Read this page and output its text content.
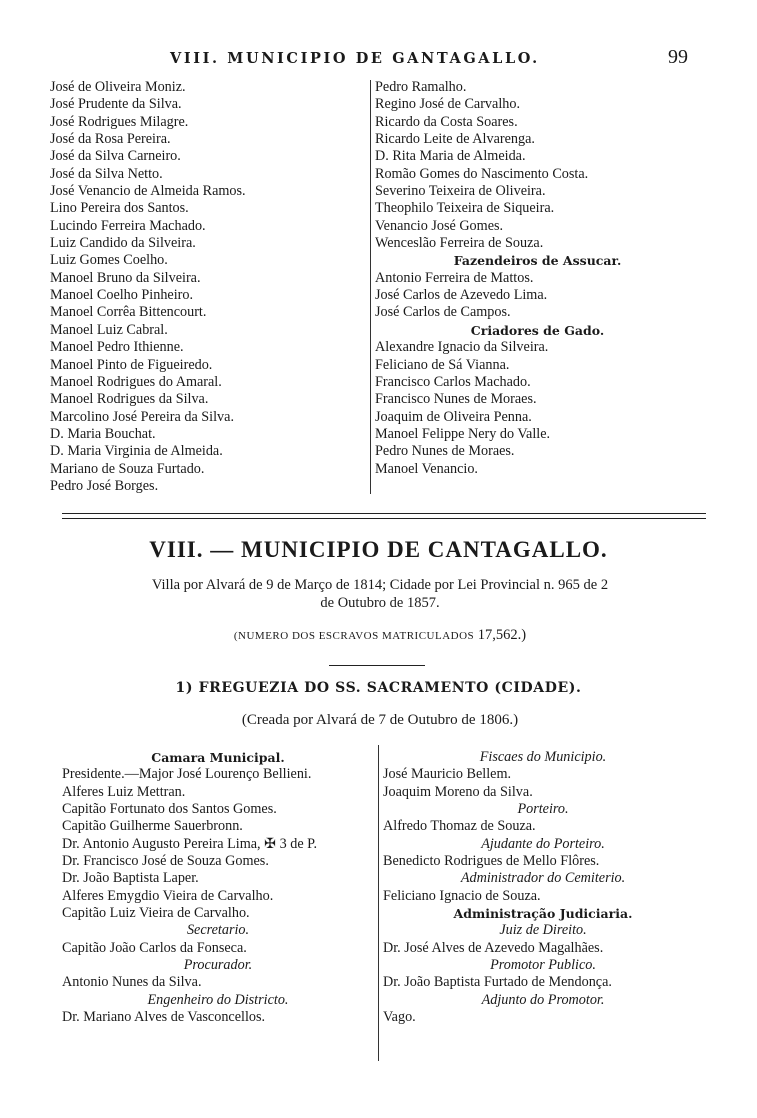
VIII. MUNICIPIO DE GANTAGALLO.	99
José de Oliveira Moniz.
José Prudente da Silva.
José Rodrigues Milagre.
José da Rosa Pereira.
José da Silva Carneiro.
José da Silva Netto.
José Venancio de Almeida Ramos.
Lino Pereira dos Santos.
Lucindo Ferreira Machado.
Luiz Candido da Silveira.
Luiz Gomes Coelho.
Manoel Bruno da Silveira.
Manoel Coelho Pinheiro.
Manoel Corrêa Bittencourt.
Manoel Luiz Cabral.
Manoel Pedro Ithienne.
Manoel Pinto de Figueiredo.
Manoel Rodrigues do Amaral.
Manoel Rodrigues da Silva.
Marcolino José Pereira da Silva.
D. Maria Bouchat.
D. Maria Virginia de Almeida.
Mariano de Souza Furtado.
Pedro José Borges.
Pedro Ramalho.
Regino José de Carvalho.
Ricardo da Costa Soares.
Ricardo Leite de Alvarenga.
D. Rita Maria de Almeida.
Romão Gomes do Nascimento Costa.
Severino Teixeira de Oliveira.
Theophilo Teixeira de Siqueira.
Venancio José Gomes.
Wenceslão Ferreira de Souza.
Fazendeiros de Assucar.
Antonio Ferreira de Mattos.
José Carlos de Azevedo Lima.
José Carlos de Campos.
Criadores de Gado.
Alexandre Ignacio da Silveira.
Feliciano de Sá Vianna.
Francisco Carlos Machado.
Francisco Nunes de Moraes.
Joaquim de Oliveira Penna.
Manoel Felippe Nery do Valle.
Pedro Nunes de Moraes.
Manoel Venancio.
VIII. — MUNICIPIO DE CANTAGALLO.
Villa por Alvará de 9 de Março de 1814; Cidade por Lei Provincial n. 965 de 2
de Outubro de 1857.
(NUMERO DOS ESCRAVOS MATRICULADOS 17,562.)
1) FREGUEZIA DO SS. SACRAMENTO (CIDADE).
(Creada por Alvará de 7 de Outubro de 1806.)
Camara Municipal.
Presidente.—Major José Lourenço Bellieni.
Alferes Luiz Mettran.
Capitão Fortunato dos Santos Gomes.
Capitão Guilherme Sauerbronn.
Dr. Antonio Augusto Pereira Lima, ✠ 3 de P.
Dr. Francisco José de Souza Gomes.
Dr. João Baptista Laper.
Alferes Emygdio Vieira de Carvalho.
Capitão Luiz Vieira de Carvalho.
Secretario.
Capitão João Carlos da Fonseca.
Procurador.
Antonio Nunes da Silva.
Engenheiro do Districto.
Dr. Mariano Alves de Vasconcellos.
Fiscaes do Municipio.
José Mauricio Bellem.
Joaquim Moreno da Silva.
Porteiro.
Alfredo Thomaz de Souza.
Ajudante do Porteiro.
Benedicto Rodrigues de Mello Flôres.
Administrador do Cemiterio.
Feliciano Ignacio de Souza.
Administração Judiciaria.
Juiz de Direito.
Dr. José Alves de Azevedo Magalhães.
Promotor Publico.
Dr. João Baptista Furtado de Mendonça.
Adjunto do Promotor.
Vago.
